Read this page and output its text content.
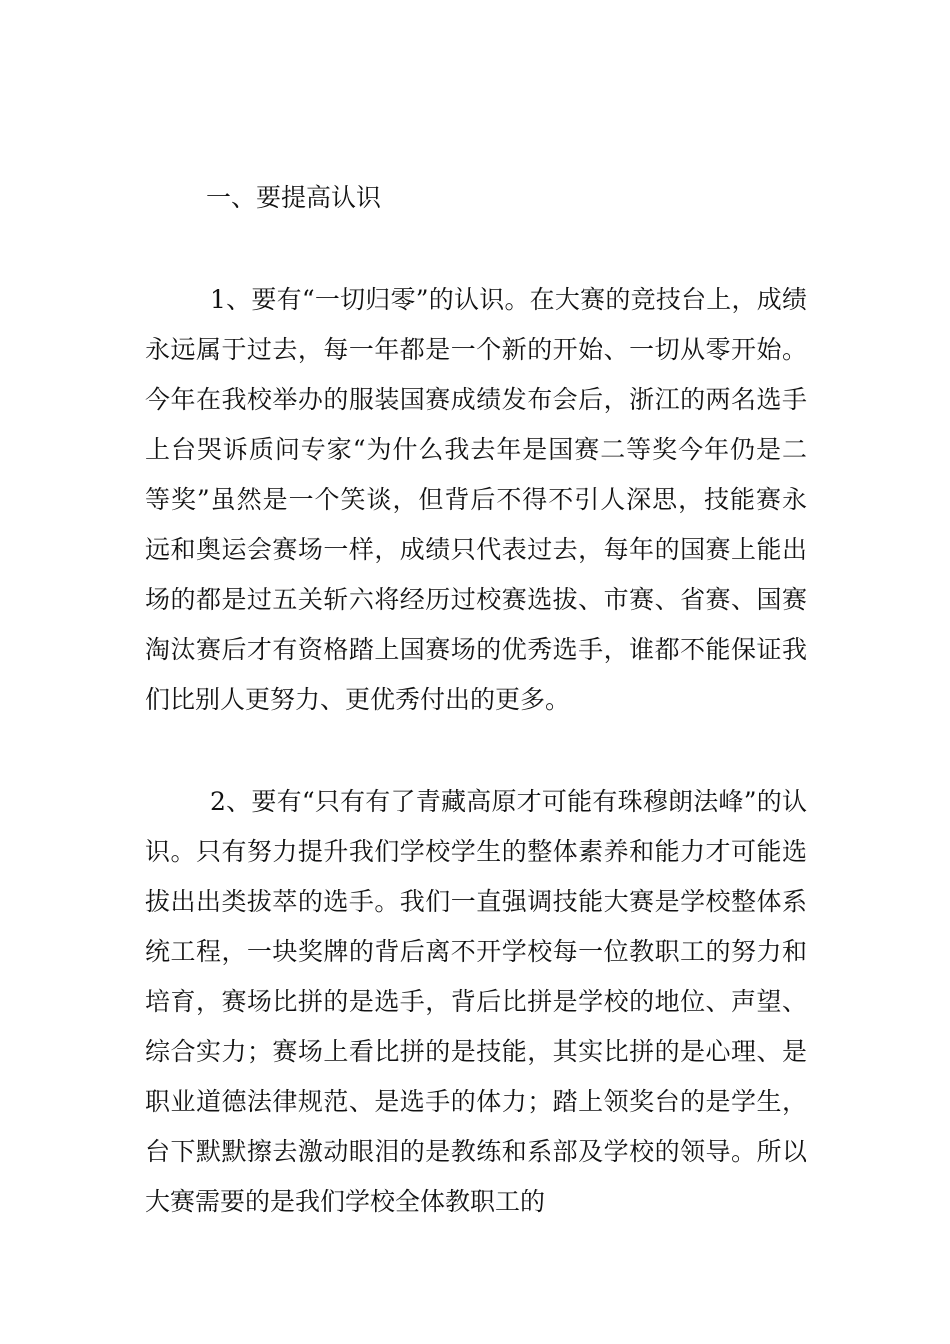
一、要提高认识

1、要有“一切归零”的认识。在大赛的竞技台上，成绩永远属于过去，每一年都是一个新的开始、一切从零开始。今年在我校举办的服装国赛成绩发布会后，浙江的两名选手上台哭诉质问专家“为什么我去年是国赛二等奖今年仍是二等奖”虽然是一个笑谈，但背后不得不引人深思，技能赛永远和奥运会赛场一样，成绩只代表过去，每年的国赛上能出场的都是过五关斩六将经历过校赛选拔、市赛、省赛、国赛淘汰赛后才有资格踏上国赛场的优秀选手，谁都不能保证我们比别人更努力、更优秀付出的更多。

2、要有“只有有了青藏高原才可能有珠穆朗法峰”的认识。只有努力提升我们学校学生的整体素养和能力才可能选拔出出类拔萃的选手。我们一直强调技能大赛是学校整体系统工程，一块奖牌的背后离不开学校每一位教职工的努力和培育，赛场比拼的是选手，背后比拼是学校的地位、声望、综合实力；赛场上看比拼的是技能，其实比拼的是心理、是职业道德法律规范、是选手的体力；踏上领奖台的是学生，台下默默擦去激动眼泪的是教练和系部及学校的领导。所以大赛需要的是我们学校全体教职工的
